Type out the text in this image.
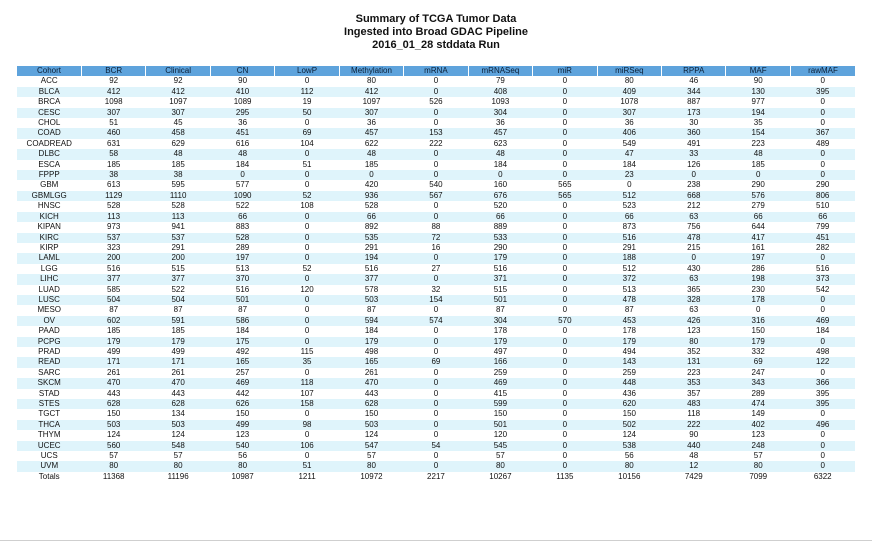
Summary of TCGA Tumor Data
Ingested into Broad GDAC Pipeline
2016_01_28 stddata Run
Cohort	BCR	Clinical	CN	LowP	Methylation	mRNA	mRNASeq	miR	miRSeq	RPPA	MAF	rawMAF
ACC	92	92	90	0	80	0	79	0	80	46	90	0
BLCA	412	412	410	112	412	0	408	0	409	344	130	395
BRCA	1098	1097	1089	19	1097	526	1093	0	1078	887	977	0
CESC	307	307	295	50	307	0	304	0	307	173	194	0
CHOL	51	45	36	0	36	0	36	0	36	30	35	0
COAD	460	458	451	69	457	153	457	0	406	360	154	367
COADREAD	631	629	616	104	622	222	623	0	549	491	223	489
DLBC	58	48	48	0	48	0	48	0	47	33	48	0
ESCA	185	185	184	51	185	0	184	0	184	126	185	0
FPPP	38	38	0	0	0	0	0	0	23	0	0	0
GBM	613	595	577	0	420	540	160	565	0	238	290	290
GBMLGG	1129	1110	1090	52	936	567	676	565	512	668	576	806
HNSC	528	528	522	108	528	0	520	0	523	212	279	510
KICH	113	113	66	0	66	0	66	0	66	63	66	66
KIPAN	973	941	883	0	892	88	889	0	873	756	644	799
KIRC	537	537	528	0	535	72	533	0	516	478	417	451
KIRP	323	291	289	0	291	16	290	0	291	215	161	282
LAML	200	200	197	0	194	0	179	0	188	0	197	0
LGG	516	515	513	52	516	27	516	0	512	430	286	516
LIHC	377	377	370	0	377	0	371	0	372	63	198	373
LUAD	585	522	516	120	578	32	515	0	513	365	230	542
LUSC	504	504	501	0	503	154	501	0	478	328	178	0
MESO	87	87	87	0	87	0	87	0	87	63	0	0
OV	602	591	586	0	594	574	304	570	453	426	316	469
PAAD	185	185	184	0	184	0	178	0	178	123	150	184
PCPG	179	179	175	0	179	0	179	0	179	80	179	0
PRAD	499	499	492	115	498	0	497	0	494	352	332	498
READ	171	171	165	35	165	69	166	0	143	131	69	122
SARC	261	261	257	0	261	0	259	0	259	223	247	0
SKCM	470	470	469	118	470	0	469	0	448	353	343	366
STAD	443	443	442	107	443	0	415	0	436	357	289	395
STES	628	628	626	158	628	0	599	0	620	483	474	395
TGCT	150	134	150	0	150	0	150	0	150	118	149	0
THCA	503	503	499	98	503	0	501	0	502	222	402	496
THYM	124	124	123	0	124	0	120	0	124	90	123	0
UCEC	560	548	540	106	547	54	545	0	538	440	248	0
UCS	57	57	56	0	57	0	57	0	56	48	57	0
UVM	80	80	80	51	80	0	80	0	80	12	80	0
Totals	11368	11196	10987	1211	10972	2217	10267	1135	10156	7429	7099	6322
